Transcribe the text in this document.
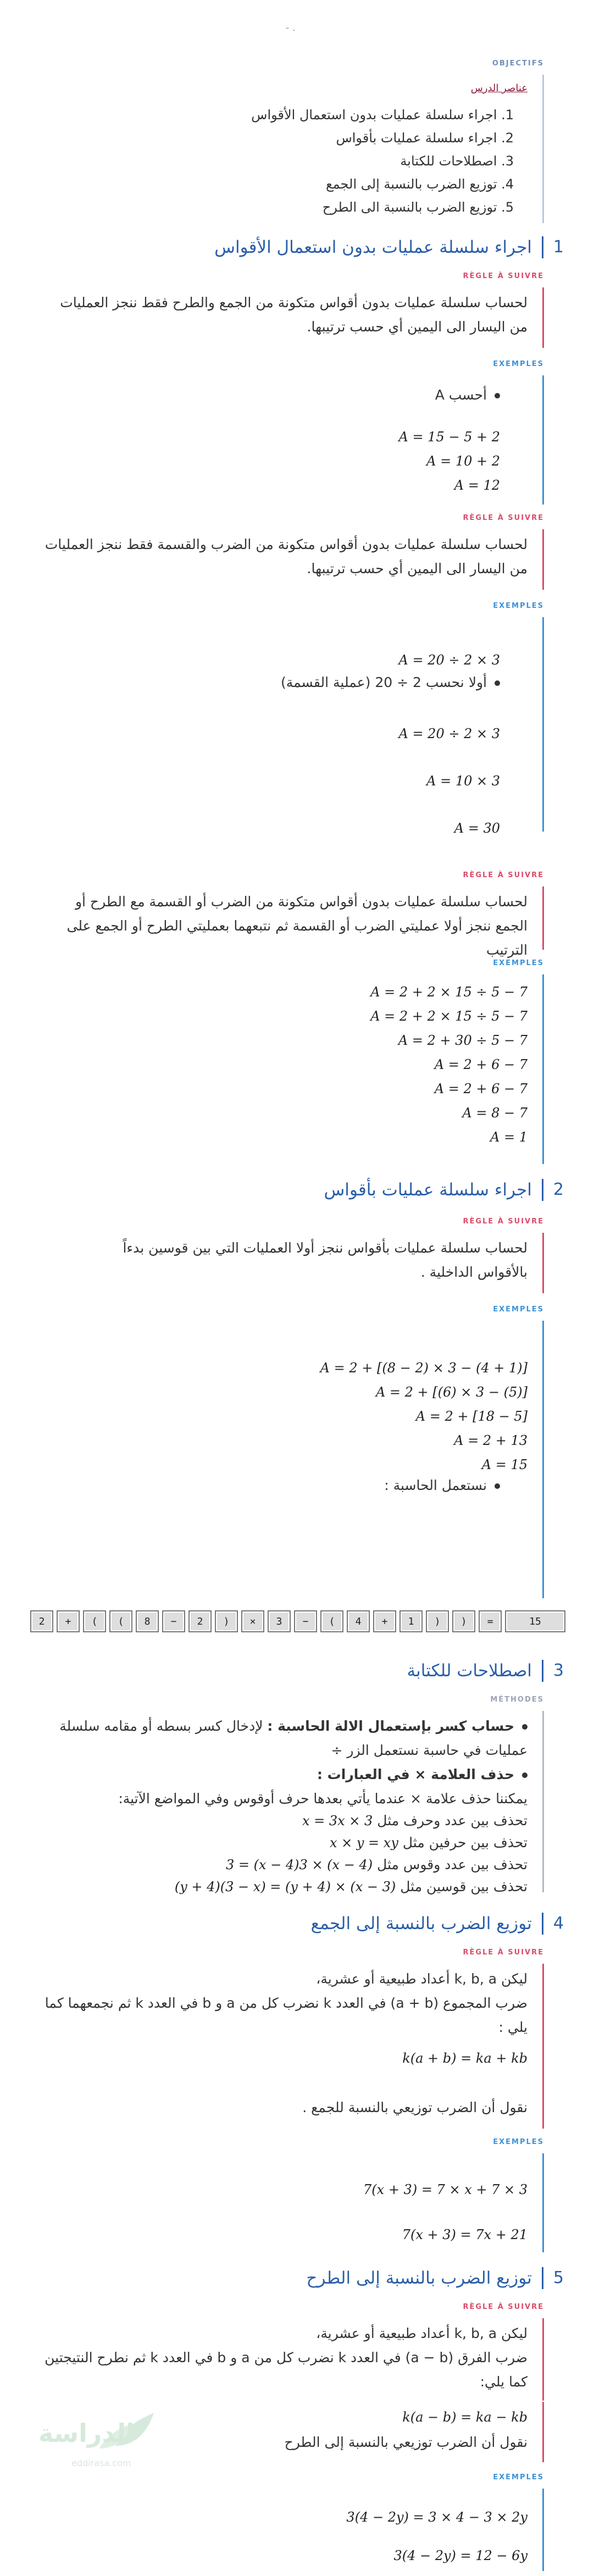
- .
OBJECTIFS
عناصر الدرس
1. اجراء سلسلة عمليات بدون استعمال الأقواس
2. اجراء سلسلة عمليات بأقواس
3. اصطلاحات للكتابة
4. توزيع الضرب بالنسبة إلى الجمع
5. توزيع الضرب بالنسبة الى الطرح
1
اجراء سلسلة عمليات بدون استعمال الأقواس
RÈGLE À SUIVRE
لحساب سلسلة عمليات بدون أقواس متكونة من الجمع والطرح فقط ننجز العمليات من اليسار الى اليمين أي حسب ترتيبها.
EXEMPLES
أحسب A
A = 15 − 5 + 2
A = 10 + 2
A = 12
RÈGLE À SUIVRE
لحساب سلسلة عمليات بدون أقواس متكونة من الضرب والقسمة فقط ننجز العمليات من اليسار الى اليمين أي حسب ترتيبها.
EXEMPLES
A = 20 ÷ 2 × 3
أولا نحسب 2 ÷ 20 (عملية القسمة)
A = 20 ÷ 2 × 3
A = 10 × 3
A = 30
RÈGLE À SUIVRE
لحساب سلسلة عمليات بدون أقواس متكونة من الضرب أو القسمة مع الطرح أو الجمع ننجز أولا عمليتي الضرب أو القسمة ثم نتبعهما بعمليتي الطرح أو الجمع على الترتيب
EXEMPLES
A = 2 + 2 × 15 ÷ 5 − 7
A = 2 + 2 × 15 ÷ 5 − 7
A = 2 + 30 ÷ 5 − 7
A = 2 + 6 − 7
A = 2 + 6 − 7
A = 8 − 7
A = 1
2
اجراء سلسلة عمليات بأقواس
RÈGLE À SUIVRE
لحساب سلسلة عمليات بأقواس ننجز أولا العمليات التي بين قوسين بدءاً بالأقواس الداخلية .
EXEMPLES
A = 2 + [(8 − 2) × 3 − (4 + 1)]
A = 2 + [(6) × 3 − (5)]
A = 2 + [18 − 5]
A = 2 + 13
A = 15
نستعمل الحاسبة :
2	+	(	(	8	−	2	)	×	3	−	(	4	+	1	)	)	=	15
3
اصطلاحات للكتابة
MÉTHODES
حساب كسر بإستعمال الالة الحاسبة : لإدخال كسر بسطه أو مقامه سلسلة عمليات في حاسبة نستعمل الزر ÷
حذف العلامة × في العبارات :
يمكننا حذف علامة × عندما يأتي بعدها حرف أوقوس وفي المواضع الآتية:
تحذف بين عدد وحرف مثل 3 × x = 3x
تحذف بين حرفين مثل x × y = xy
تحذف بين عدد وقوس مثل (x − 4) × 3 = (x − 4)3
تحذف بين قوسين مثل (3 − x) × (y + 4) = (3 − x)(y + 4)
4
توزيع الضرب بالنسبة إلى الجمع
RÈGLE À SUIVRE
ليكن k, b, a أعداد طبيعية أو عشرية،
ضرب المجموع (a + b) في العدد k نضرب كل من a و b في العدد k ثم نجمعهما كما يلي :
k(a + b) = ka + kb
نقول أن الضرب توزيعي بالنسبة للجمع .
EXEMPLES
7(x + 3) = 7 × x + 7 × 3
7(x + 3) = 7x + 21
5
توزيع الضرب بالنسبة إلى الطرح
RÈGLE À SUIVRE
ليكن k, b, a أعداد طبيعية أو عشرية،
ضرب الفرق (a − b) في العدد k نضرب كل من a و b في العدد k ثم نطرح النتيجتين كما يلي:
k(a − b) = ka − kb
نقول أن الضرب توزيعي بالنسبة إلى الطرح
EXEMPLES
3(4 − 2y) = 3 × 4 − 3 × 2y
3(4 − 2y) = 12 − 6y
الدراسة
eddirasa.com
